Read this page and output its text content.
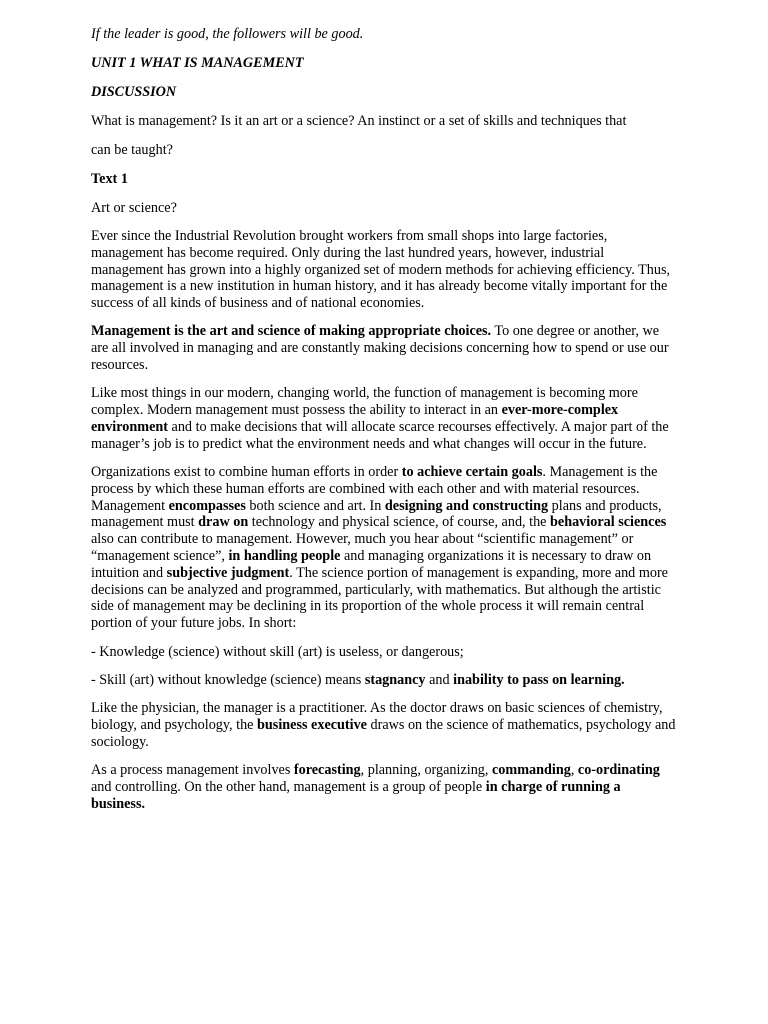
If the leader is good, the followers will be good.

UNIT 1 WHAT IS MANAGEMENT

DISCUSSION

What is management? Is it an art or a science? An instinct or a set of skills and techniques that

can be taught?

Text 1

Art or science?

Ever since the Industrial Revolution brought workers from small shops into large factories, management has become required. Only during the last hundred years, however, industrial management has grown into a highly organized set of modern methods for achieving efficiency. Thus, management is a new institution in human history, and it has already become vitally important for the success of all kinds of business and of national economies.

Management is the art and science of making appropriate choices. To one degree or another, we are all involved in managing and are constantly making decisions concerning how to spend or use our resources.

Like most things in our modern, changing world, the function of management is becoming more complex. Modern management must possess the ability to interact in an ever-more-complex environment and to make decisions that will allocate scarce recourses effectively. A major part of the manager’s job is to predict what the environment needs and what changes will occur in the future.

Organizations exist to combine human efforts in order to achieve certain goals. Management is the process by which these human efforts are combined with each other and with material resources. Management encompasses both science and art. In designing and constructing plans and products, management must draw on technology and physical science, of course, and, the behavioral sciences also can contribute to management. However, much you hear about “scientific management” or “management science”, in handling people and managing organizations it is necessary to draw on intuition and subjective judgment. The science portion of management is expanding, more and more decisions can be analyzed and programmed, particularly, with mathematics. But although the artistic side of management may be declining in its proportion of the whole process it will remain central portion of your future jobs. In short:

- Knowledge (science) without skill (art) is useless, or dangerous;

- Skill (art) without knowledge (science) means stagnancy and inability to pass on learning.

Like the physician, the manager is a practitioner. As the doctor draws on basic sciences of chemistry, biology, and psychology, the business executive draws on the science of mathematics, psychology and sociology.

As a process management involves forecasting, planning, organizing, commanding, co-ordinating and controlling. On the other hand, management is a group of people in charge of running a business.
